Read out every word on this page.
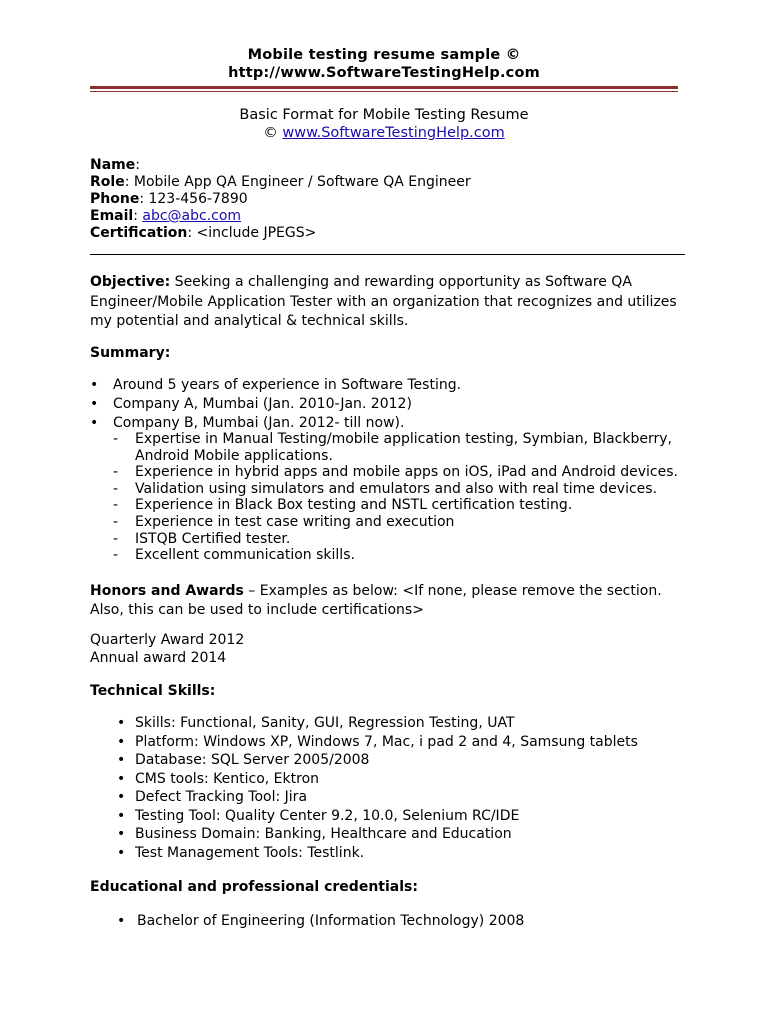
Mobile testing resume sample ©
http://www.SoftwareTestingHelp.com
Basic Format for Mobile Testing Resume
© www.SoftwareTestingHelp.com
Name:
Role: Mobile App QA Engineer / Software QA Engineer
Phone: 123-456-7890
Email: abc@abc.com
Certification: <include JPEGS>
Objective: Seeking a challenging and rewarding opportunity as Software QA Engineer/Mobile Application Tester with an organization that recognizes and utilizes my potential and analytical & technical skills.
Summary:
• Around 5 years of experience in Software Testing.
• Company A, Mumbai (Jan. 2010-Jan. 2012)
• Company B, Mumbai (Jan. 2012- till now).
- Expertise in Manual Testing/mobile application testing, Symbian, Blackberry, Android Mobile applications.
- Experience in hybrid apps and mobile apps on iOS, iPad and Android devices.
- Validation using simulators and emulators and also with real time devices.
- Experience in Black Box testing and NSTL certification testing.
- Experience in test case writing and execution
- ISTQB Certified tester.
- Excellent communication skills.
Honors and Awards – Examples as below: <If none, please remove the section. Also, this can be used to include certifications>
Quarterly Award 2012
Annual award 2014
Technical Skills:
• Skills: Functional, Sanity, GUI, Regression Testing, UAT
• Platform: Windows XP, Windows 7, Mac, i pad 2 and 4, Samsung tablets
• Database: SQL Server 2005/2008
• CMS tools: Kentico, Ektron
• Defect Tracking Tool: Jira
• Testing Tool: Quality Center 9.2, 10.0, Selenium RC/IDE
• Business Domain: Banking, Healthcare and Education
• Test Management Tools: Testlink.
Educational and professional credentials:
• Bachelor of Engineering (Information Technology) 2008
